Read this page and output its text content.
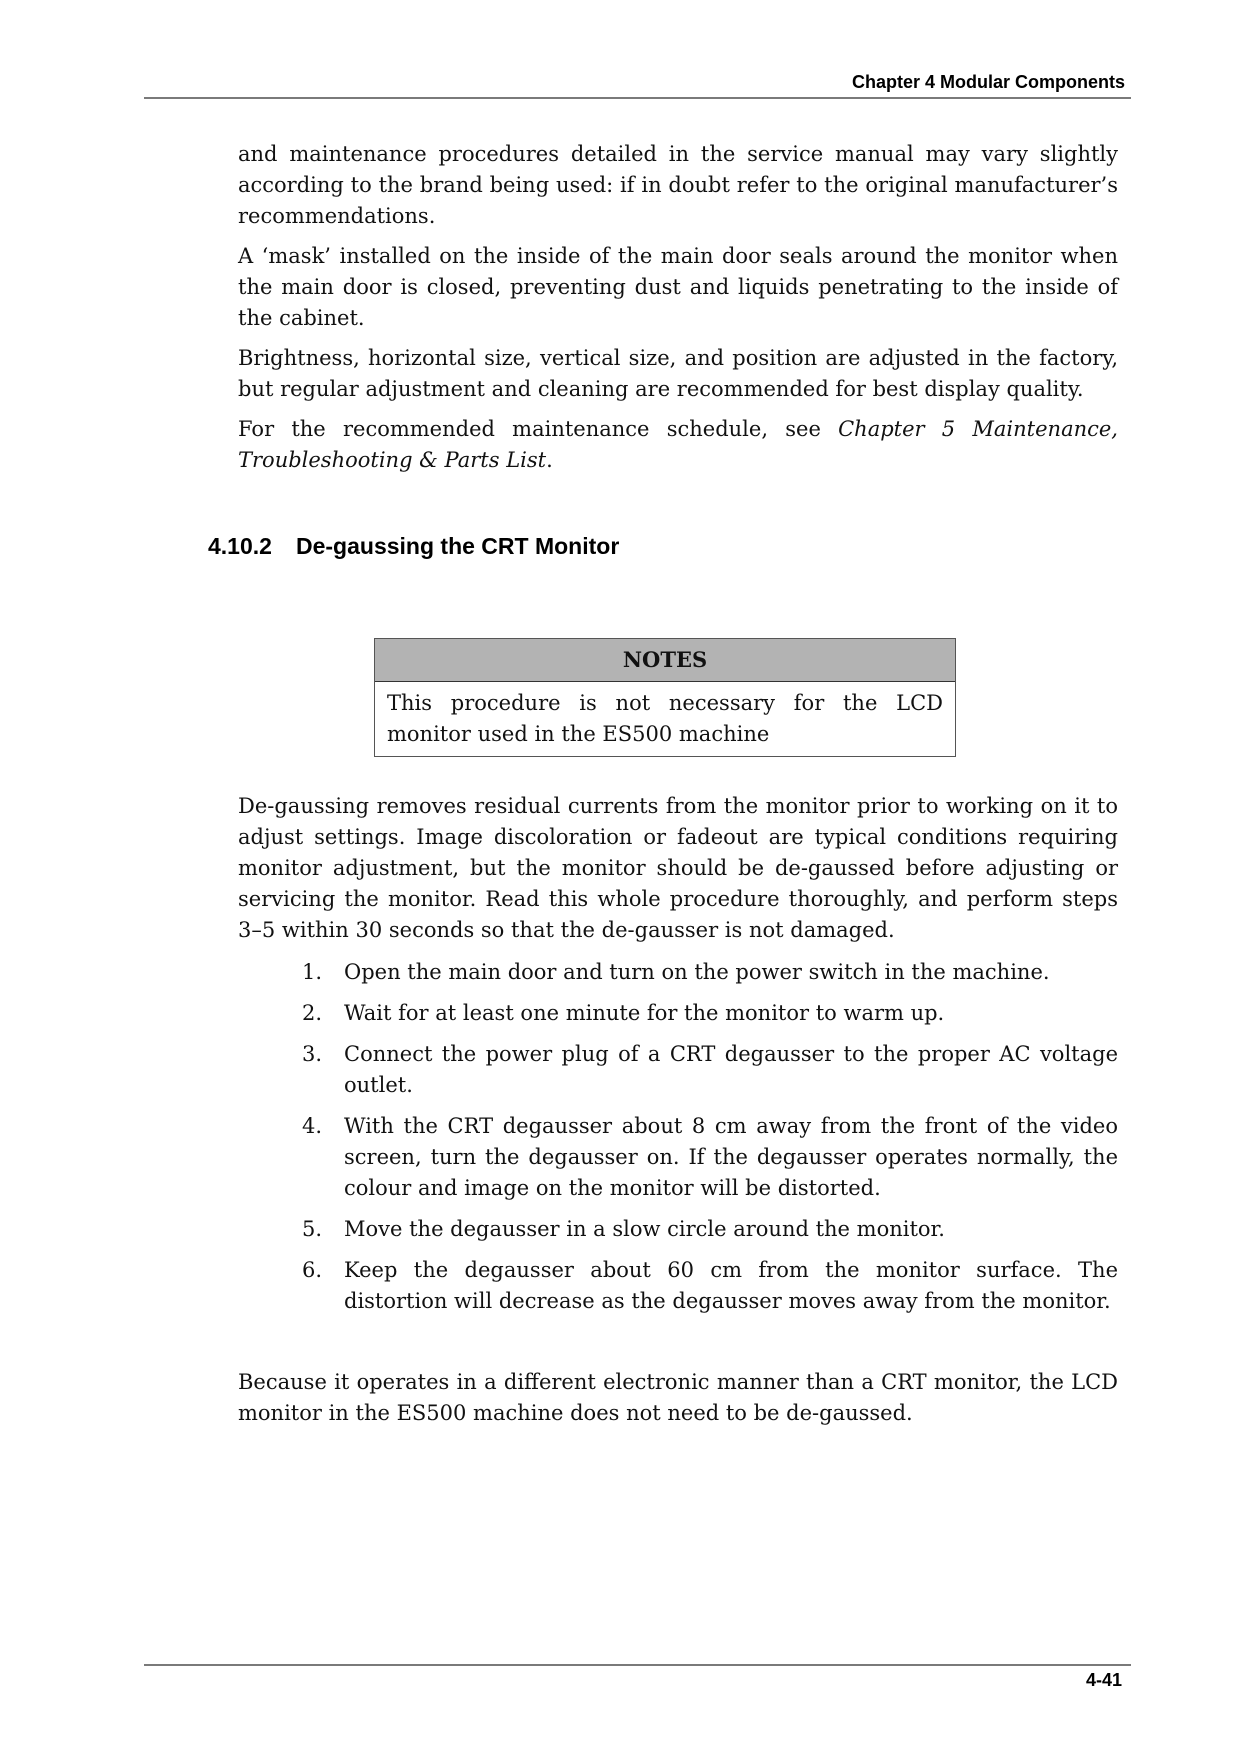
Chapter 4 Modular Components

and maintenance procedures detailed in the service manual may vary slightly according to the brand being used: if in doubt refer to the original manufacturer’s recommendations.

A ‘mask’ installed on the inside of the main door seals around the monitor when the main door is closed, preventing dust and liquids penetrating to the inside of the cabinet.

Brightness, horizontal size, vertical size, and position are adjusted in the factory, but regular adjustment and cleaning are recommended for best display quality.

For the recommended maintenance schedule, see Chapter 5 Maintenance, Troubleshooting & Parts List.

4.10.2 De-gaussing the CRT Monitor
NOTES
This procedure is not necessary for the LCD monitor used in the ES500 machine

De-gaussing removes residual currents from the monitor prior to working on it to adjust settings. Image discoloration or fadeout are typical conditions requiring monitor adjustment, but the monitor should be de-gaussed before adjusting or servicing the monitor. Read this whole procedure thoroughly, and perform steps 3–5 within 30 seconds so that the de-gausser is not damaged.

1.	Open the main door and turn on the power switch in the machine.
2.	Wait for at least one minute for the monitor to warm up.
3.	Connect the power plug of a CRT degausser to the proper AC voltage outlet.
4.	With the CRT degausser about 8 cm away from the front of the video screen, turn the degausser on. If the degausser operates normally, the colour and image on the monitor will be distorted.
5.	Move the degausser in a slow circle around the monitor.
6.	Keep the degausser about 60 cm from the monitor surface. The distortion will decrease as the degausser moves away from the monitor.

Because it operates in a different electronic manner than a CRT monitor, the LCD monitor in the ES500 machine does not need to be de-gaussed.

4-41
